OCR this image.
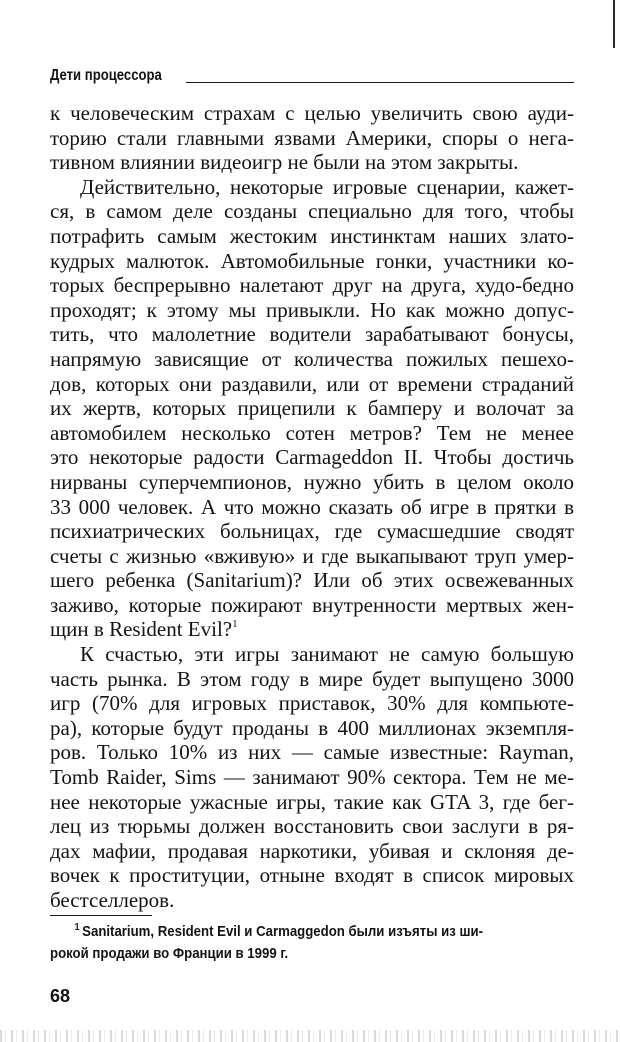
Дети процессора
к человеческим страхам с целью увеличить свою ауди-
торию стали главными язвами Америки, споры о нега-
тивном влиянии видеоигр не были на этом закрыты.
Действительно, некоторые игровые сценарии, кажет-
ся, в самом деле созданы специально для того, чтобы
потрафить самым жестоким инстинктам наших злато-
кудрых малюток. Автомобильные гонки, участники ко-
торых беспрерывно налетают друг на друга, худо-бедно
проходят; к этому мы привыкли. Но как можно допус-
тить, что малолетние водители зарабатывают бонусы,
напрямую зависящие от количества пожилых пешехо-
дов, которых они раздавили, или от времени страданий
их жертв, которых прицепили к бамперу и волочат за
автомобилем несколько сотен метров? Тем не менее
это некоторые радости Carmageddon II. Чтобы достичь
нирваны суперчемпионов, нужно убить в целом около
33 000 человек. А что можно сказать об игре в прятки в
психиатрических больницах, где сумасшедшие сводят
счеты с жизнью «вживую» и где выкапывают труп умер-
шего ребенка (Sanitarium)? Или об этих освежеванных
заживо, которые пожирают внутренности мертвых жен-
щин в Resident Evil?$^1$
К счастью, эти игры занимают не самую большую
часть рынка. В этом году в мире будет выпущено 3000
игр (70% для игровых приставок, 30% для компьюте-
ра), которые будут проданы в 400 миллионах экземпля-
ров. Только 10% из них — самые известные: Rayman,
Tomb Raider, Sims — занимают 90% сектора. Тем не ме-
нее некоторые ужасные игры, такие как GTA 3, где бег-
лец из тюрьмы должен восстановить свои заслуги в ря-
дах мафии, продавая наркотики, убивая и склоняя де-
вочек к проституции, отныне входят в список мировых
бестселлеров.
$^1$ Sanitarium, Resident Evil и Carmaggedon были изъяты из ши-
рокой продажи во Франции в 1999 г.
68
